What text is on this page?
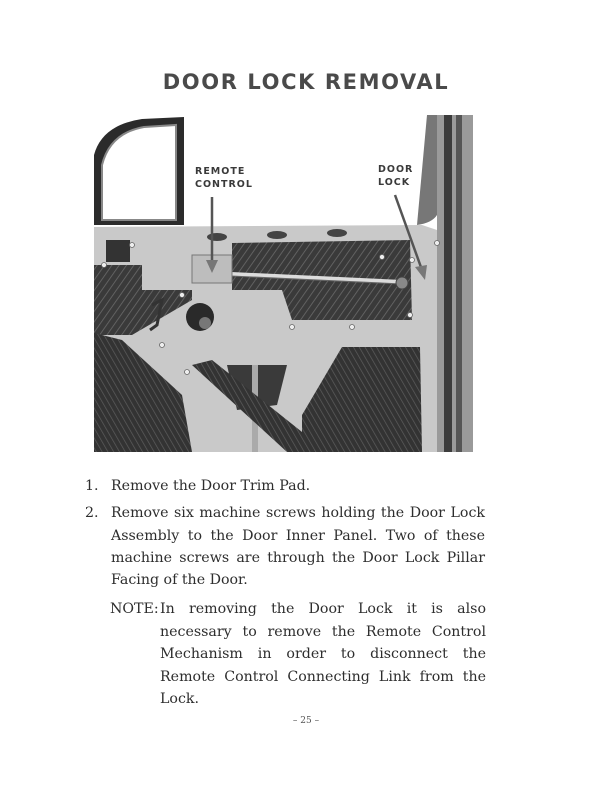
DOOR LOCK REMOVAL
REMOTE
CONTROL
DOOR
LOCK
1. Remove the Door Trim Pad.
2. Remove six machine screws holding the Door Lock Assembly to the Door Inner Panel. Two of these machine screws are through the Door Lock Pillar Facing of the Door.
NOTE: In removing the Door Lock it is also necessary to remove the Remote Control Mechanism in order to disconnect the Remote Control Connecting Link from the Lock.
– 25 –
